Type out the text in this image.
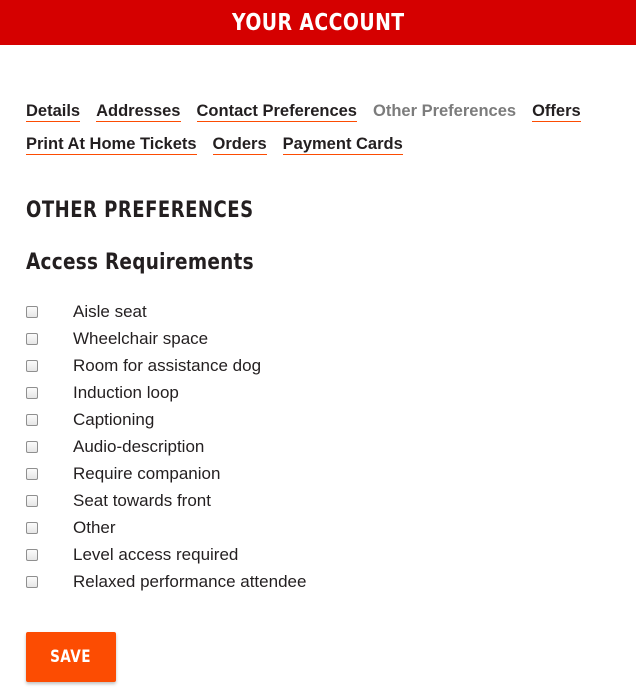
YOUR ACCOUNT
Details Addresses Contact Preferences Other Preferences Offers
Print At Home Tickets Orders Payment Cards
OTHER PREFERENCES
Access Requirements
Aisle seat
Wheelchair space
Room for assistance dog
Induction loop
Captioning
Audio-description
Require companion
Seat towards front
Other
Level access required
Relaxed performance attendee
SAVE
